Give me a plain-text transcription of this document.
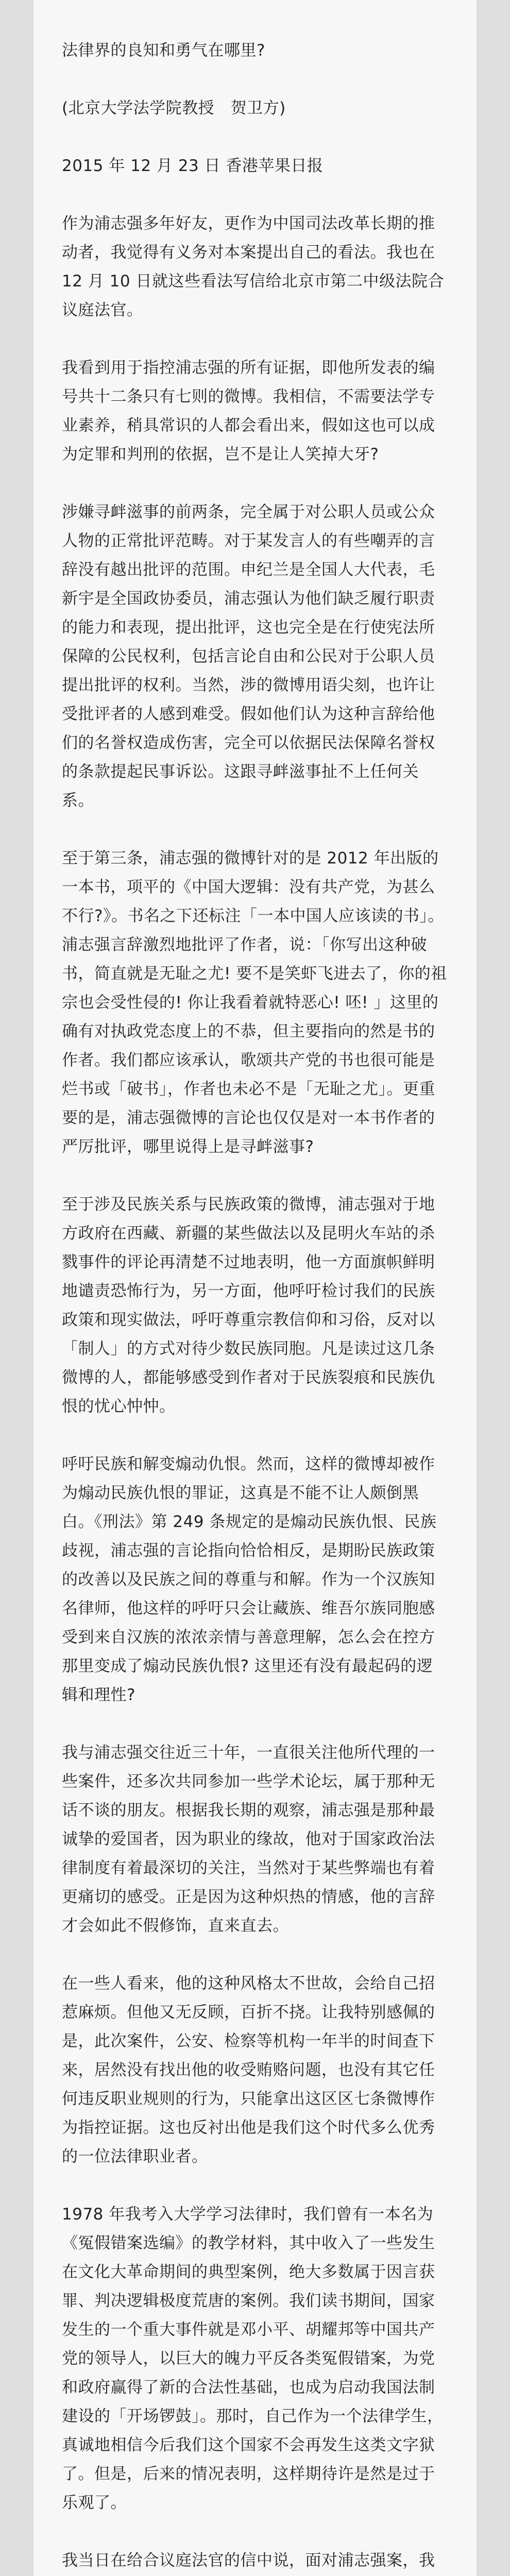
法律界的良知和勇气在哪里?

(北京大学法学院教授　贺卫方)

2015 年 12 月 23 日 香港苹果日报

作为浦志强多年好友，更作为中国司法改革长期的推动者，我觉得有义务对本案提出自己的看法。我也在 12 月 10 日就这些看法写信给北京市第二中级法院合议庭法官。

我看到用于指控浦志强的所有证据，即他所发表的编号共十二条只有七则的微博。我相信，不需要法学专业素养，稍具常识的人都会看出来，假如这也可以成为定罪和判刑的依据，岂不是让人笑掉大牙?

涉嫌寻衅滋事的前两条，完全属于对公职人员或公众人物的正常批评范畴。对于某发言人的有些嘲弄的言辞没有越出批评的范围。申纪兰是全国人大代表，毛新宇是全国政协委员，浦志强认为他们缺乏履行职责的能力和表现，提出批评，这也完全是在行使宪法所保障的公民权利，包括言论自由和公民对于公职人员提出批评的权利。当然，涉的微博用语尖刻，也许让受批评者的人感到难受。假如他们认为这种言辞给他们的名誉权造成伤害，完全可以依据民法保障名誉权的条款提起民事诉讼。这跟寻衅滋事扯不上任何关系。

至于第三条，浦志强的微博针对的是 2012 年出版的一本书，项平的《中国大逻辑：没有共产党，为甚么不行?》。书名之下还标注「一本中国人应该读的书」。浦志强言辞激烈地批评了作者，说：「你写出这种破书，简直就是无耻之尤! 要不是笑虾飞进去了，你的祖宗也会受性侵的! 你让我看着就特恶心! 呸! 」这里的确有对执政党态度上的不恭，但主要指向的然是书的作者。我们都应该承认，歌颂共产党的书也很可能是烂书或「破书」，作者也未必不是「无耻之尤」。更重要的是，浦志强微博的言论也仅仅是对一本书作者的严厉批评，哪里说得上是寻衅滋事?

至于涉及民族关系与民族政策的微博，浦志强对于地方政府在西藏、新疆的某些做法以及昆明火车站的杀戮事件的评论再清楚不过地表明，他一方面旗帜鲜明地谴责恐怖行为，另一方面，他呼吁检讨我们的民族政策和现实做法，呼吁尊重宗教信仰和习俗，反对以「制人」的方式对待少数民族同胞。凡是读过这几条微博的人，都能够感受到作者对于民族裂痕和民族仇恨的忧心忡忡。

呼吁民族和解变煽动仇恨。然而，这样的微博却被作为煽动民族仇恨的罪证，这真是不能不让人颇倒黑白。《刑法》第 249 条规定的是煽动民族仇恨、民族歧视，浦志强的言论指向恰恰相反，是期盼民族政策的改善以及民族之间的尊重与和解。作为一个汉族知名律师，他这样的呼吁只会让藏族、维吾尔族同胞感受到来自汉族的浓浓亲情与善意理解，怎么会在控方那里变成了煽动民族仇恨? 这里还有没有最起码的逻辑和理性?

我与浦志强交往近三十年，一直很关注他所代理的一些案件，还多次共同参加一些学术论坛，属于那种无话不谈的朋友。根据我长期的观察，浦志强是那种最诚挚的爱国者，因为职业的缘故，他对于国家政治法律制度有着最深切的关注，当然对于某些弊端也有着更痛切的感受。正是因为这种炽热的情感，他的言辞才会如此不假修饰，直来直去。

在一些人看来，他的这种风格太不世故，会给自己招惹麻烦。但他又无反顾，百折不挠。让我特别感佩的是，此次案件，公安、检察等机构一年半的时间查下来，居然没有找出他的收受贿赂问题，也没有其它任何违反职业规则的行为，只能拿出这区区七条微博作为指控证据。这也反衬出他是我们这个时代多么优秀的一位法律职业者。

1978 年我考入大学学习法律时，我们曾有一本名为《冤假错案选编》的教学材料，其中收入了一些发生在文化大革命期间的典型案例，绝大多数属于因言获罪、判决逻辑极度荒唐的案例。我们读书期间，国家发生的一个重大事件就是邓小平、胡耀邦等中国共产党的领导人，以巨大的魄力平反各类冤假错案，为党和政府赢得了新的合法性基础，也成为启动我国法制建设的「开场锣鼓」。那时，自己作为一个法律学生，真诚地相信今后我们这个国家不会再发生这类文字狱了。但是，后来的情况表明，这样期待许是然是过于乐观了。

我当日在给合议庭法官的信中说，面对浦志强案，我
